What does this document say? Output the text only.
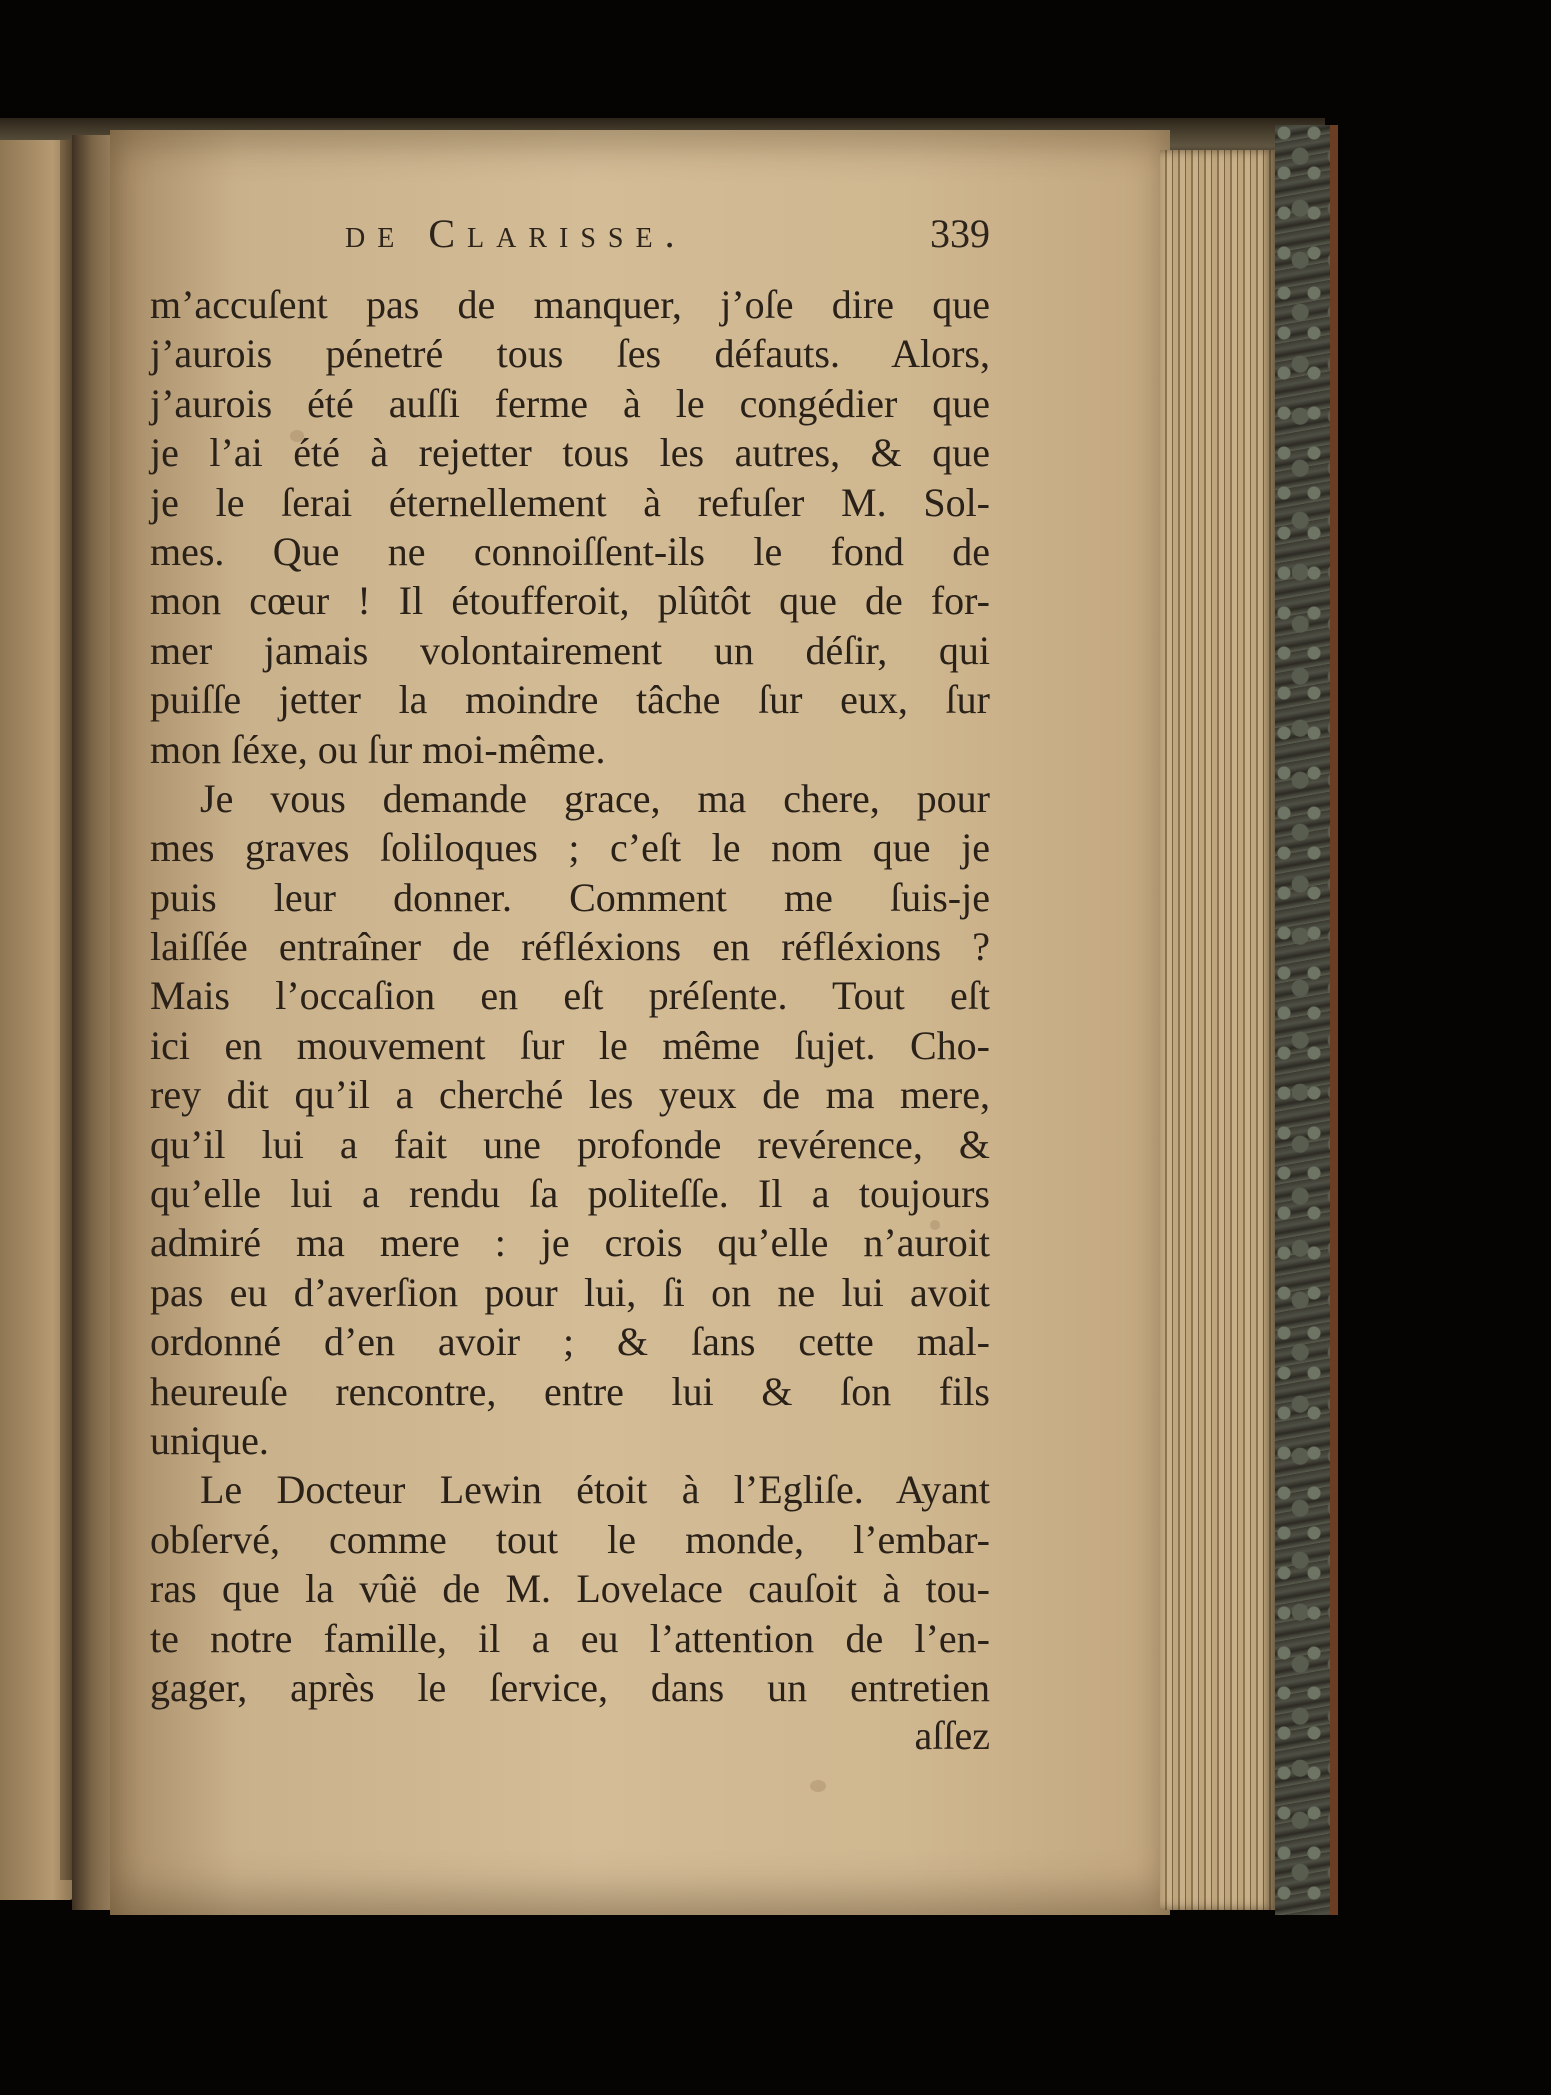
de Clarisse.	339
m’accuſent pas de manquer, j’oſe dire que
j’aurois pénetré tous ſes défauts. Alors,
j’aurois été auſſi ferme à le congédier que
je l’ai été à rejetter tous les autres, & que
je le ſerai éternellement à refuſer M. Sol-
mes. Que ne connoiſſent-ils le fond de
mon cœur ! Il étoufferoit, plûtôt que de for-
mer jamais volontairement un déſir, qui
puiſſe jetter la moindre tâche ſur eux, ſur
mon ſéxe, ou ſur moi-même.
Je vous demande grace, ma chere, pour
mes graves ſoliloques ; c’eſt le nom que je
puis leur donner. Comment me ſuis-je
laiſſée entraîner de réfléxions en réfléxions ?
Mais l’occaſion en eſt préſente. Tout eſt
ici en mouvement ſur le même ſujet. Cho-
rey dit qu’il a cherché les yeux de ma mere,
qu’il lui a fait une profonde revérence, &
qu’elle lui a rendu ſa politeſſe. Il a toujours
admiré ma mere : je crois qu’elle n’auroit
pas eu d’averſion pour lui, ſi on ne lui avoit
ordonné d’en avoir ; & ſans cette mal-
heureuſe rencontre, entre lui & ſon fils
unique.
Le Docteur Lewin étoit à l’Egliſe. Ayant
obſervé, comme tout le monde, l’embar-
ras que la vûë de M. Lovelace cauſoit à tou-
te notre famille, il a eu l’attention de l’en-
gager, après le ſervice, dans un entretien
aſſez
